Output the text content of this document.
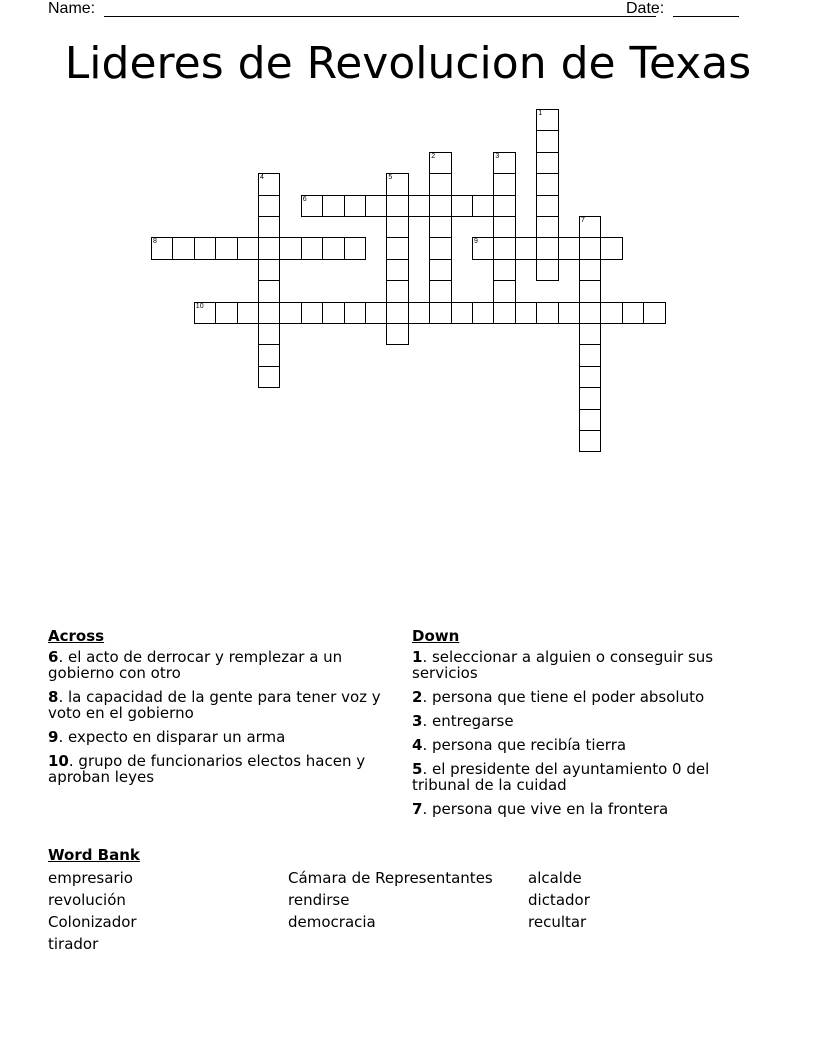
Name:	Date:
Lideres de Revolucion de Texas
1
2	3
4	5
6
7
8	9
10
Across
6. el acto de derrocar y remplezar a un gobierno con otro
8. la capacidad de la gente para tener voz y voto en el gobierno
9. expecto en disparar un arma
10. grupo de funcionarios electos hacen y aproban leyes
Down
1. seleccionar a alguien o conseguir sus servicios
2. persona que tiene el poder absoluto
3. entregarse
4. persona que recibía tierra
5. el presidente del ayuntamiento 0 del tribunal de la cuidad
7. persona que vive en la frontera
Word Bank
empresario
revolución
Colonizador
tirador
Cámara de Representantes
rendirse
democracia
alcalde
dictador
recultar
